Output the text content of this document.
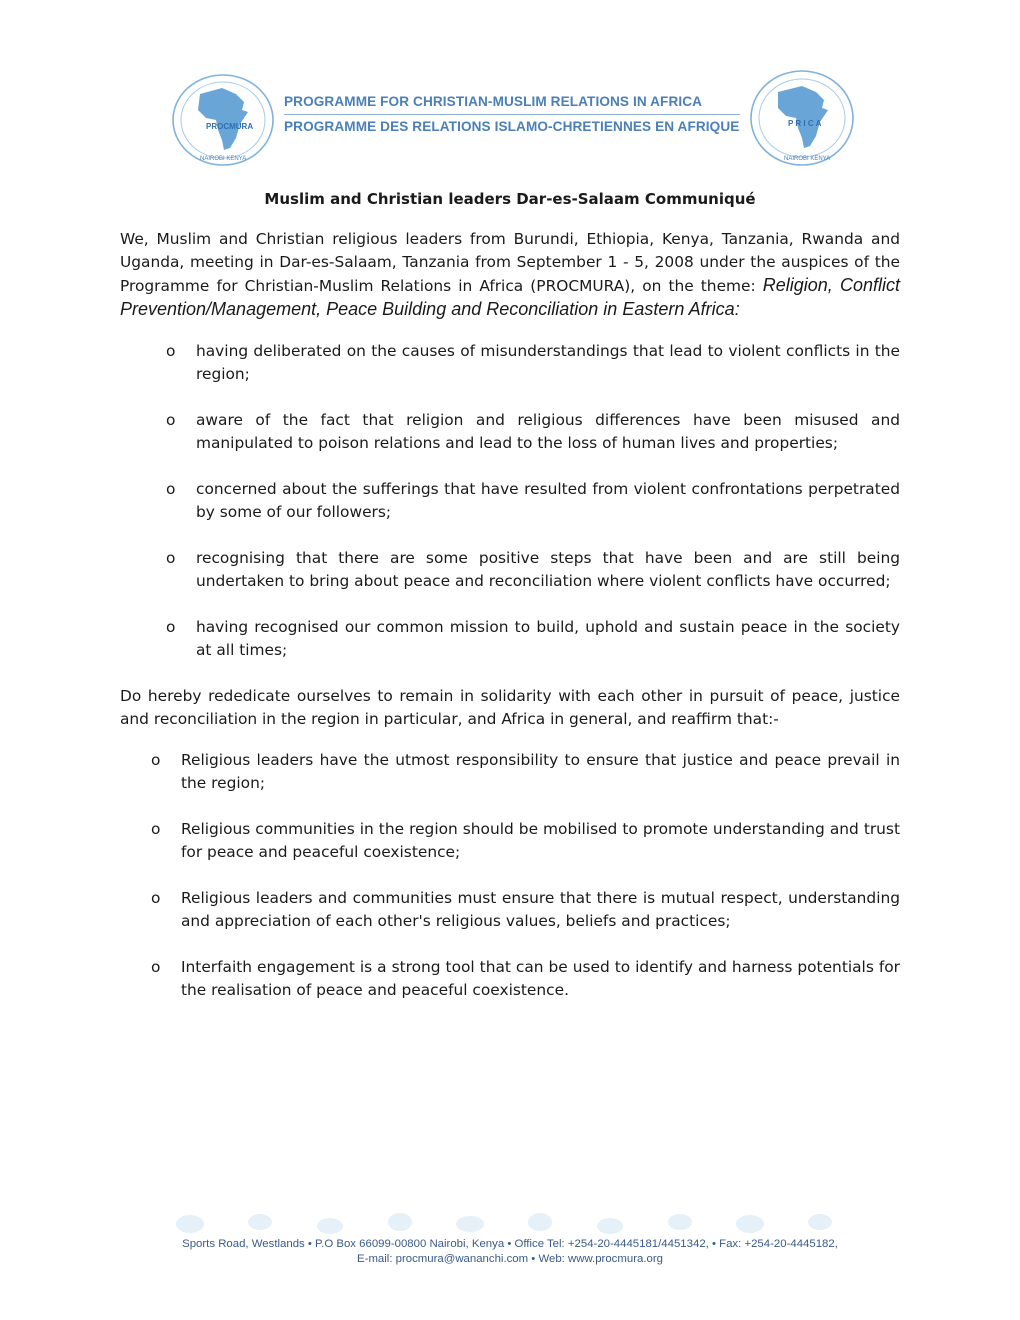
PROCMURA
NAIROBI KENYA
PROGRAMME FOR CHRISTIAN-MUSLIM RELATIONS IN AFRICA
PROGRAMME DES RELATIONS ISLAMO-CHRETIENNES EN AFRIQUE	P R I C A
NAIROBI KENYA
Muslim and Christian leaders Dar-es-Salaam Communiqué

We, Muslim and Christian religious leaders from Burundi, Ethiopia, Kenya, Tanzania, Rwanda and Uganda, meeting in Dar-es-Salaam, Tanzania from September 1 - 5, 2008 under the auspices of the Programme for Christian-Muslim Relations in Africa (PROCMURA), on the theme: Religion, Conflict Prevention/Management, Peace Building and Reconciliation in Eastern Africa:

o having deliberated on the causes of misunderstandings that lead to violent conflicts in the region;
o aware of the fact that religion and religious differences have been misused and manipulated to poison relations and lead to the loss of human lives and properties;
o concerned about the sufferings that have resulted from violent confrontations perpetrated by some of our followers;
o recognising that there are some positive steps that have been and are still being undertaken to bring about peace and reconciliation where violent conflicts have occurred;
o having recognised our common mission to build, uphold and sustain peace in the society at all times;

Do hereby rededicate ourselves to remain in solidarity with each other in pursuit of peace, justice and reconciliation in the region in particular, and Africa in general, and reaffirm that:-

o Religious leaders have the utmost responsibility to ensure that justice and peace prevail in the region;
o Religious communities in the region should be mobilised to promote understanding and trust for peace and peaceful coexistence;
o Religious leaders and communities must ensure that there is mutual respect, understanding and appreciation of each other's religious values, beliefs and practices;
o Interfaith engagement is a strong tool that can be used to identify and harness potentials for the realisation of peace and peaceful coexistence.
Sports Road, Westlands • P.O Box 66099-00800 Nairobi, Kenya • Office Tel: +254-20-4445181/4451342, • Fax: +254-20-4445182,
E-mail: procmura@wananchi.com • Web: www.procmura.org
